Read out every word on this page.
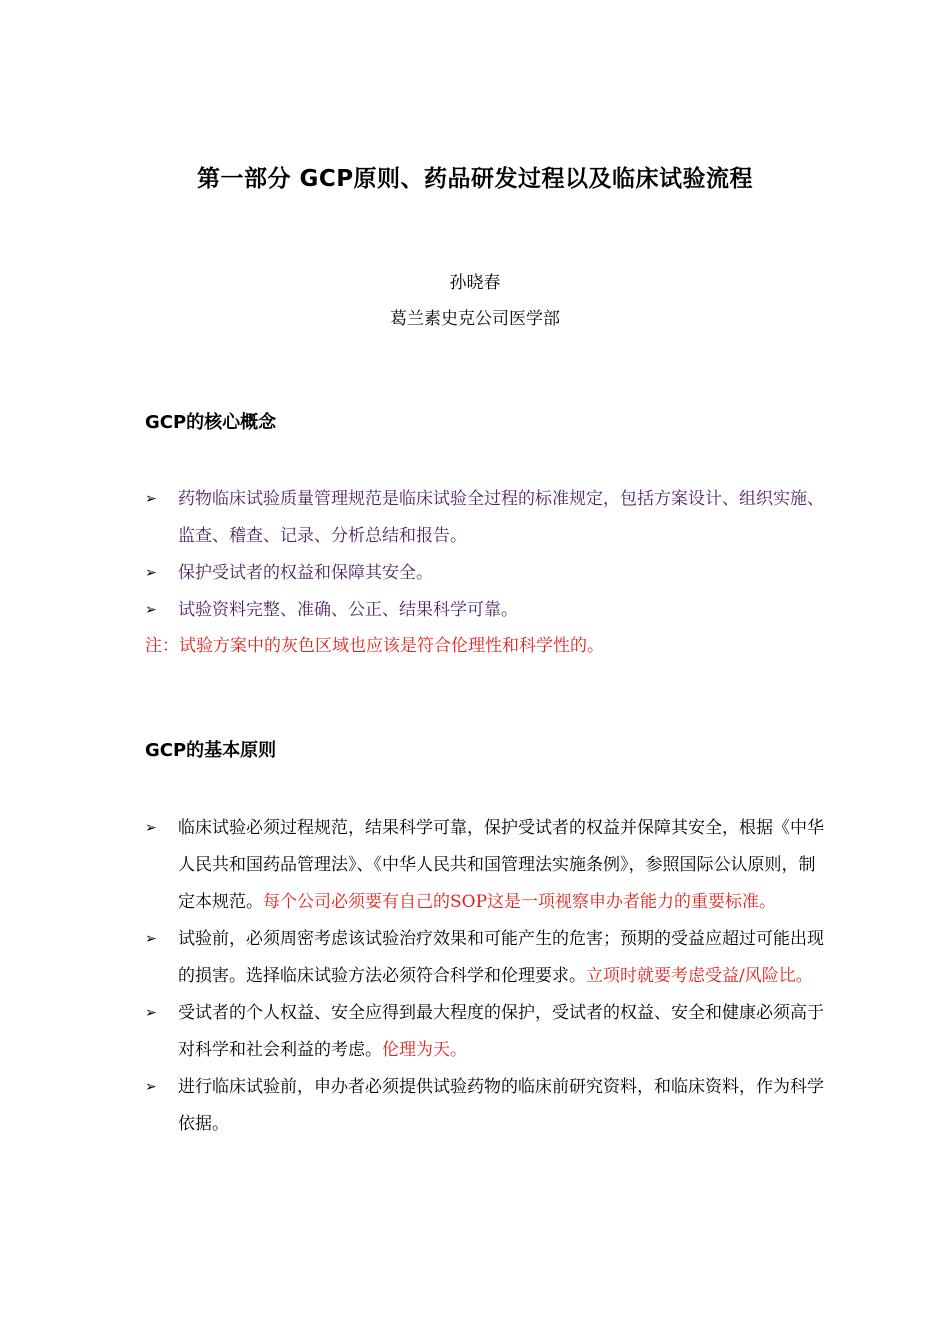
第一部分 GCP原则、药品研发过程以及临床试验流程
孙晓春
葛兰素史克公司医学部
GCP的核心概念
➢ 药物临床试验质量管理规范是临床试验全过程的标准规定，包括方案设计、组织实施、监查、稽查、记录、分析总结和报告。
➢ 保护受试者的权益和保障其安全。
➢ 试验资料完整、准确、公正、结果科学可靠。
注：试验方案中的灰色区域也应该是符合伦理性和科学性的。
GCP的基本原则
➢ 临床试验必须过程规范，结果科学可靠，保护受试者的权益并保障其安全，根据《中华人民共和国药品管理法》、《中华人民共和国管理法实施条例》，参照国际公认原则，制定本规范。每个公司必须要有自己的SOP这是一项视察申办者能力的重要标准。
➢ 试验前，必须周密考虑该试验治疗效果和可能产生的危害；预期的受益应超过可能出现的损害。选择临床试验方法必须符合科学和伦理要求。立项时就要考虑受益/风险比。
➢ 受试者的个人权益、安全应得到最大程度的保护，受试者的权益、安全和健康必须高于对科学和社会利益的考虑。伦理为天。
➢ 进行临床试验前，申办者必须提供试验药物的临床前研究资料，和临床资料，作为科学依据。
